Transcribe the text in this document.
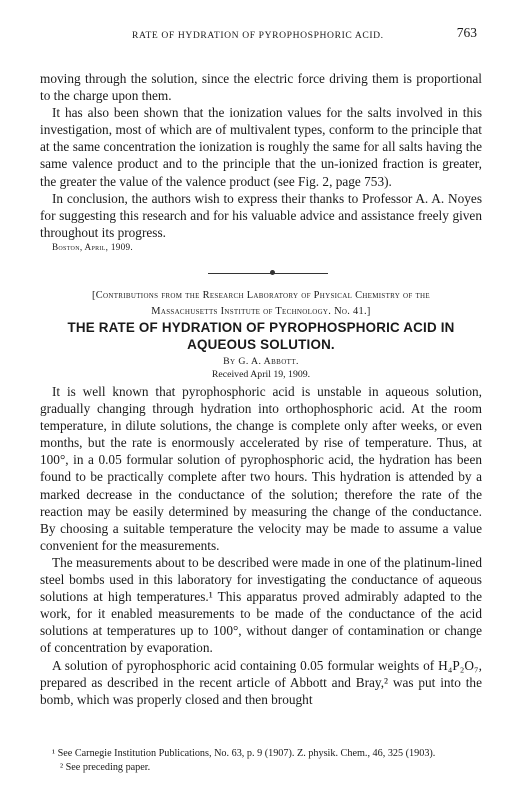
RATE OF HYDRATION OF PYROPHOSPHORIC ACID.	763

moving through the solution, since the electric force driving them is proportional to the charge upon them.

It has also been shown that the ionization values for the salts involved in this investigation, most of which are of multivalent types, conform to the principle that at the same concentration the ionization is roughly the same for all salts having the same valence product and to the principle that the un-ionized fraction is greater, the greater the value of the valence product (see Fig. 2, page 753).

In conclusion, the authors wish to express their thanks to Professor A. A. Noyes for suggesting this research and for his valuable advice and assistance freely given throughout its progress.

Boston, April, 1909.

[Contributions from the Research Laboratory of Physical Chemistry of the
Massachusetts Institute of Technology. No. 41.]
THE RATE OF HYDRATION OF PYROPHOSPHORIC ACID IN
AQUEOUS SOLUTION.
By G. A. Abbott.
Received April 19, 1909.

It is well known that pyrophosphoric acid is unstable in aqueous solution, gradually changing through hydration into orthophosphoric acid. At the room temperature, in dilute solutions, the change is complete only after weeks, or even months, but the rate is enormously accelerated by rise of temperature. Thus, at 100°, in a 0.05 formular solution of pyrophosphoric acid, the hydration has been found to be practically complete after two hours. This hydration is attended by a marked decrease in the conductance of the solution; therefore the rate of the reaction may be easily determined by measuring the change of the conductance. By choosing a suitable temperature the velocity may be made to assume a value convenient for the measurements.

The measurements about to be described were made in one of the platinum-lined steel bombs used in this laboratory for investigating the conductance of aqueous solutions at high temperatures.¹ This apparatus proved admirably adapted to the work, for it enabled measurements to be made of the conductance of the acid solutions at temperatures up to 100°, without danger of contamination or change of concentration by evaporation.

A solution of pyrophosphoric acid containing 0.05 formular weights of H₄P₂O₇, prepared as described in the recent article of Abbott and Bray,² was put into the bomb, which was properly closed and then brought

¹ See Carnegie Institution Publications, No. 63, p. 9 (1907). Z. physik. Chem., 46, 325 (1903).

² See preceding paper.
